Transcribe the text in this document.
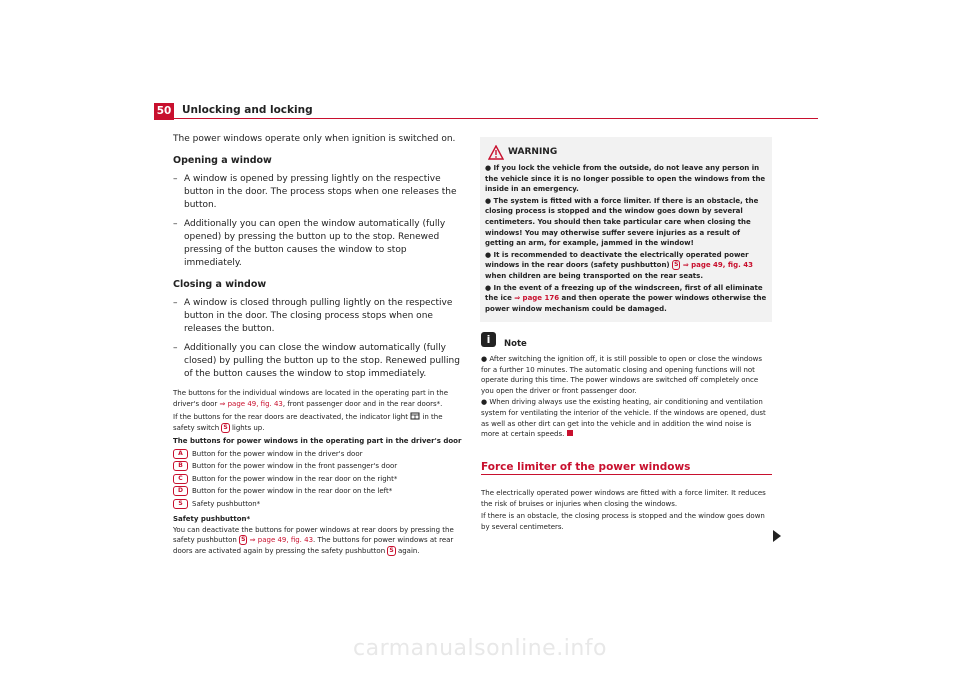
50 Unlocking and locking

The power windows operate only when ignition is switched on.

Opening a window

– A window is opened by pressing lightly on the respective button in the door. The process stops when one releases the button.

– Additionally you can open the window automatically (fully opened) by pressing the button up to the stop. Renewed pressing of the button causes the window to stop immediately.

Closing a window

– A window is closed through pulling lightly on the respective button in the door. The closing process stops when one releases the button.

– Additionally you can close the window automatically (fully closed) by pulling the button up to the stop. Renewed pulling of the button causes the window to stop immediately.

The buttons for the individual windows are located in the operating part in the driver's door ⇒ page 49, fig. 43, front passenger door and in the rear doors*.

If the buttons for the rear doors are deactivated, the indicator light in the safety switch S lights up.

The buttons for power windows in the operating part in the driver's door

A	Button for the power window in the driver's door
B	Button for the power window in the front passenger's door
C	Button for the power window in the rear door on the right*
D	Button for the power window in the rear door on the left*
S	Safety pushbutton*

Safety pushbutton*

You can deactivate the buttons for power windows at rear doors by pressing the safety pushbutton S ⇒ page 49, fig. 43. The buttons for power windows at rear doors are activated again by pressing the safety pushbutton S again.

WARNING

● If you lock the vehicle from the outside, do not leave any person in the vehicle since it is no longer possible to open the windows from the inside in an emergency.

● The system is fitted with a force limiter. If there is an obstacle, the closing process is stopped and the window goes down by several centimeters. You should then take particular care when closing the windows! You may otherwise suffer severe injuries as a result of getting an arm, for example, jammed in the window!

● It is recommended to deactivate the electrically operated power windows in the rear doors (safety pushbutton) S ⇒ page 49, fig. 43 when children are being transported on the rear seats.

● In the event of a freezing up of the windscreen, first of all eliminate the ice ⇒ page 176 and then operate the power windows otherwise the power window mechanism could be damaged.

i	Note

● After switching the ignition off, it is still possible to open or close the windows for a further 10 minutes. The automatic closing and opening functions will not operate during this time. The power windows are switched off completely once you open the driver or front passenger door.

● When driving always use the existing heating, air conditioning and ventilation system for ventilating the interior of the vehicle. If the windows are opened, dust as well as other dirt can get into the vehicle and in addition the wind noise is more at certain speeds.

Force limiter of the power windows

The electrically operated power windows are fitted with a force limiter. It reduces the risk of bruises or injuries when closing the windows.

If there is an obstacle, the closing process is stopped and the window goes down by several centimeters.

carmanualsonline.info
